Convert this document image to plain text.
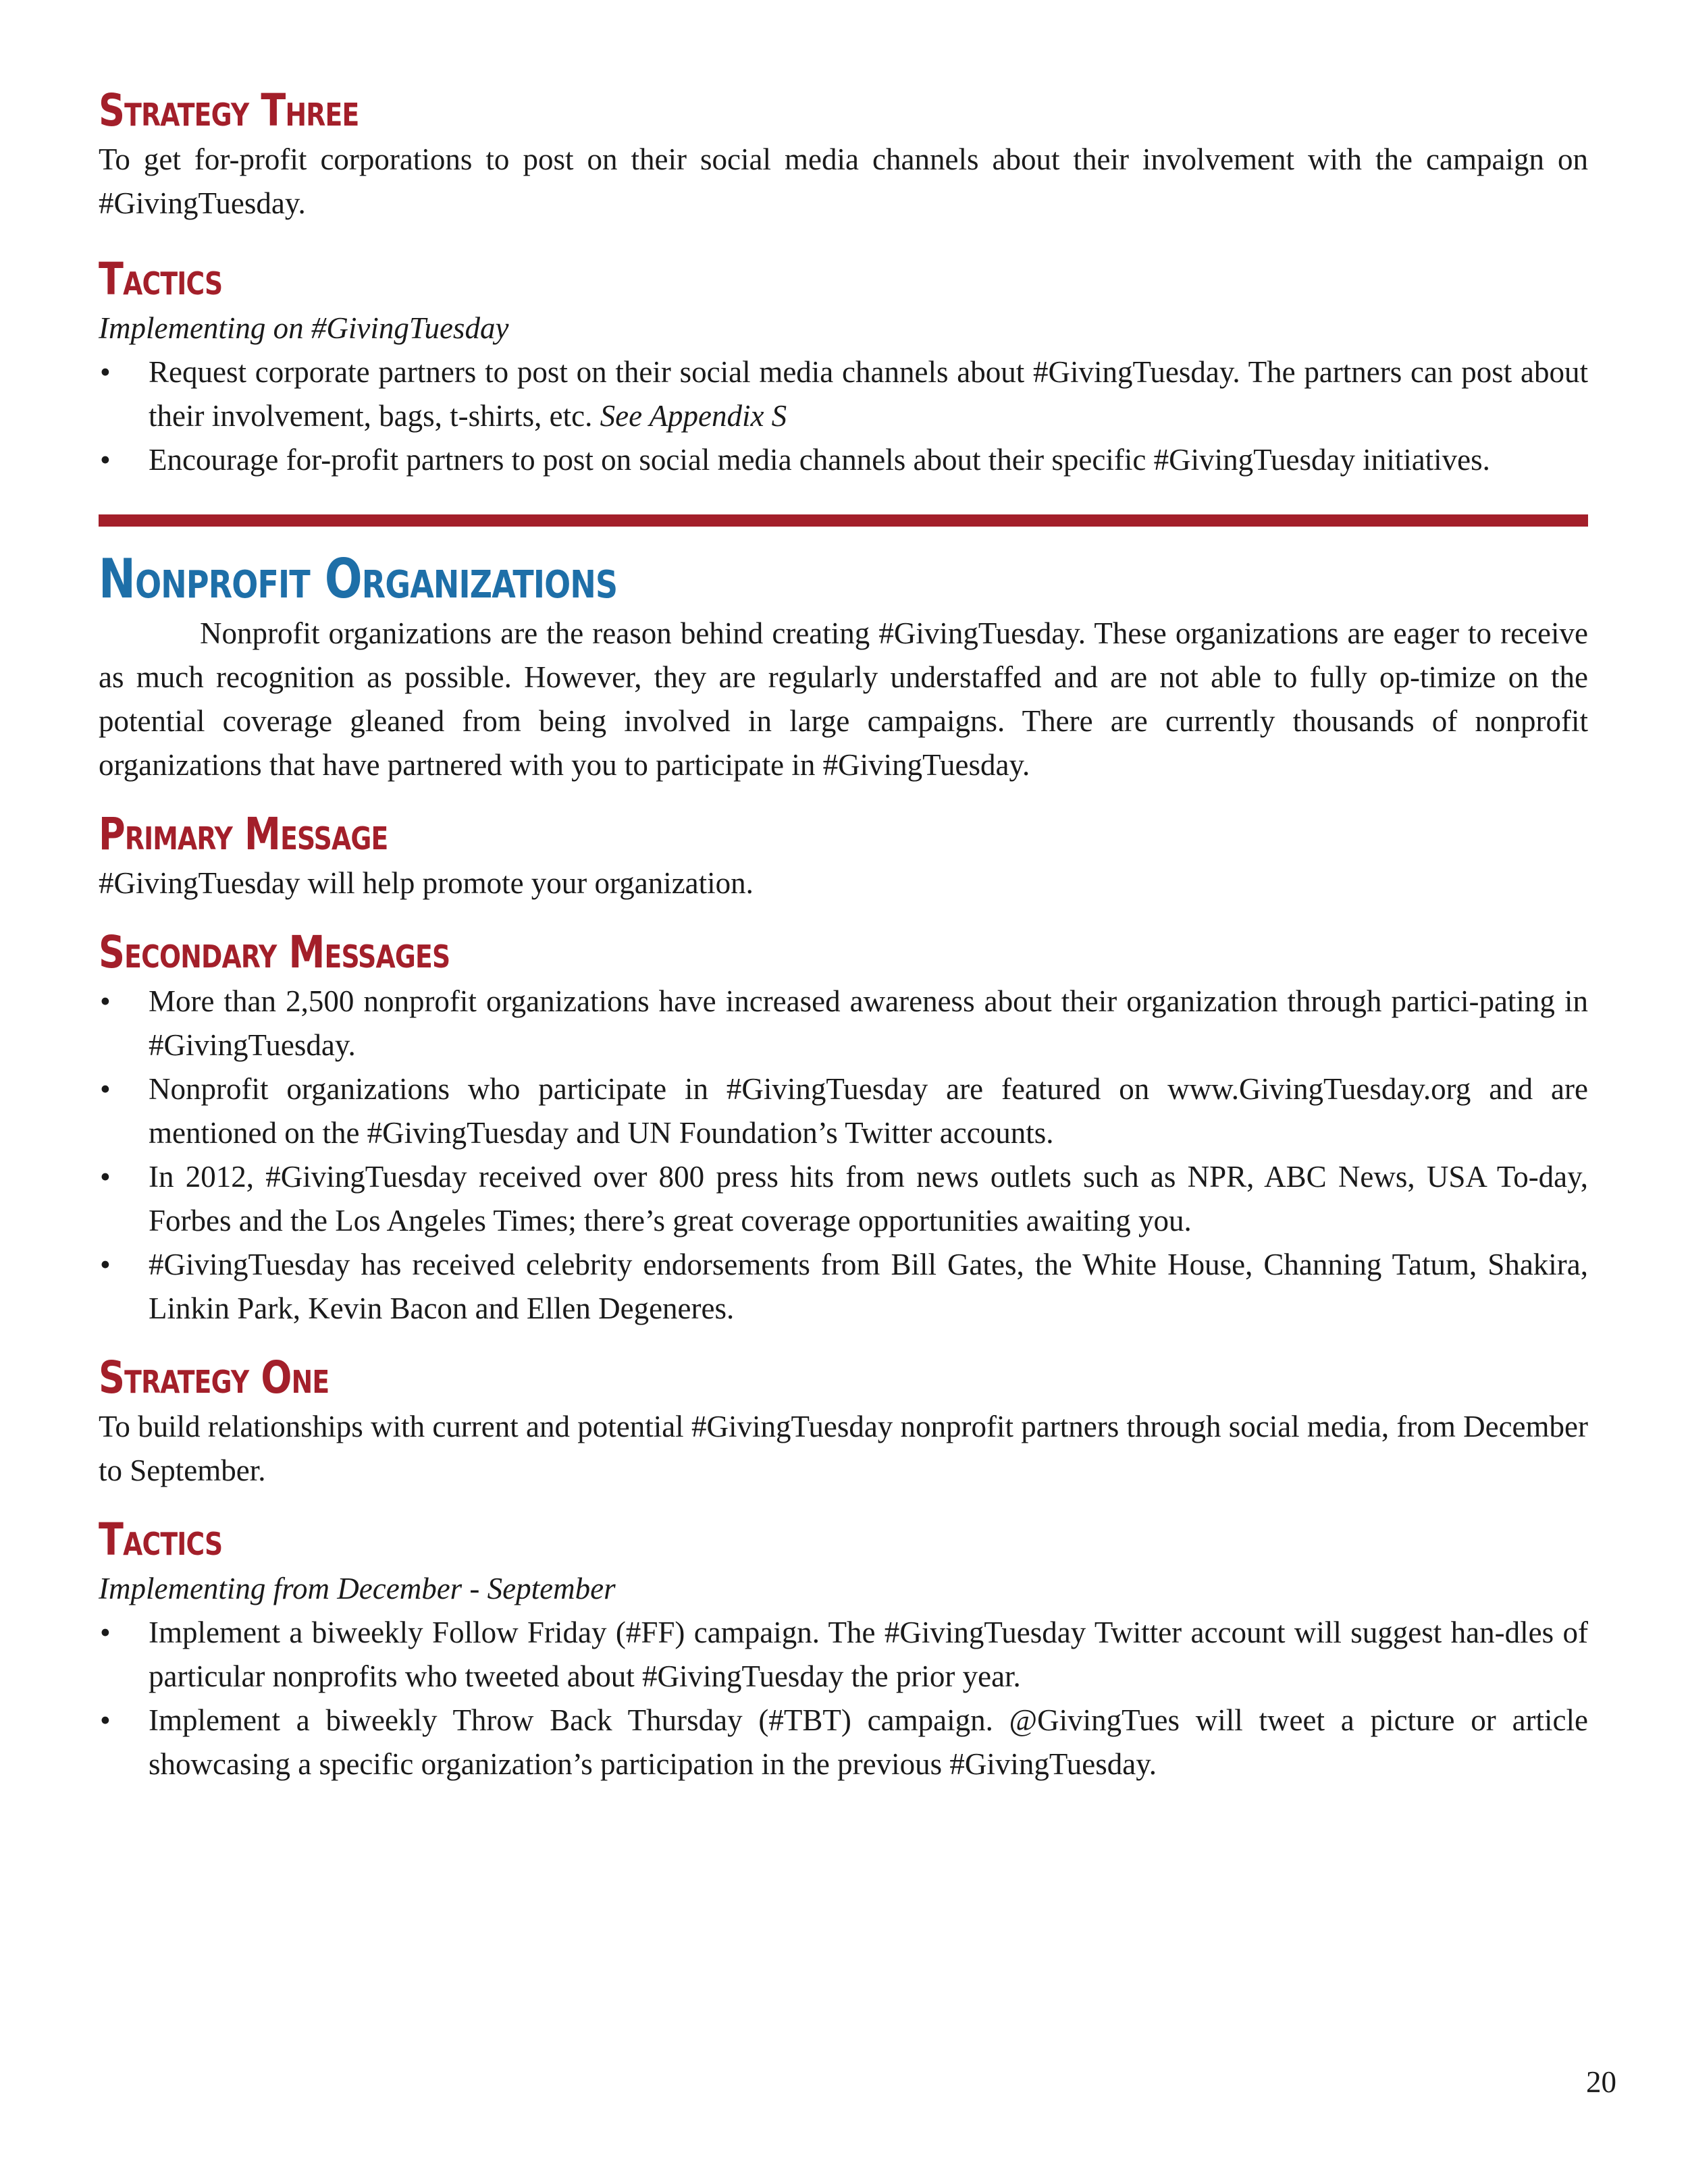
Strategy Three

To get for-profit corporations to post on their social media channels about their involvement with the campaign on #GivingTuesday.

Tactics

Implementing on #GivingTuesday

• Request corporate partners to post on their social media channels about #GivingTuesday. The partners can post about their involvement, bags, t-shirts, etc. See Appendix S
• Encourage for-profit partners to post on social media channels about their specific #GivingTuesday initiatives.
Nonprofit Organizations

Nonprofit organizations are the reason behind creating #GivingTuesday. These organizations are eager to receive as much recognition as possible. However, they are regularly understaffed and are not able to fully op-timize on the potential coverage gleaned from being involved in large campaigns. There are currently thousands of nonprofit organizations that have partnered with you to participate in #GivingTuesday.

Primary Message

#GivingTuesday will help promote your organization.

Secondary Messages
• More than 2,500 nonprofit organizations have increased awareness about their organization through partici-pating in #GivingTuesday.
• Nonprofit organizations who participate in #GivingTuesday are featured on www.GivingTuesday.org and are mentioned on the #GivingTuesday and UN Foundation’s Twitter accounts.
• In 2012, #GivingTuesday received over 800 press hits from news outlets such as NPR, ABC News, USA To-day, Forbes and the Los Angeles Times; there’s great coverage opportunities awaiting you.
• #GivingTuesday has received celebrity endorsements from Bill Gates, the White House, Channing Tatum, Shakira, Linkin Park, Kevin Bacon and Ellen Degeneres.
Strategy One

To build relationships with current and potential #GivingTuesday nonprofit partners through social media, from December to September.

Tactics

Implementing from December - September

• Implement a biweekly Follow Friday (#FF) campaign. The #GivingTuesday Twitter account will suggest han-dles of particular nonprofits who tweeted about #GivingTuesday the prior year.
• Implement a biweekly Throw Back Thursday (#TBT) campaign. @GivingTues will tweet a picture or article showcasing a specific organization’s participation in the previous #GivingTuesday.
20
